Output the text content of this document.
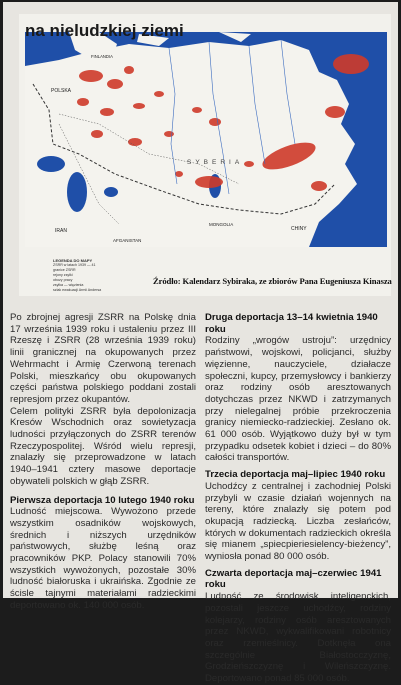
POLSKA
FINLANDIA
SYBERIA
IRAN
AFGANISTAN
MONGOLIA
CHINY
LEGENDA DO MAPY
ZSRR w latach 1939 — 41
granice ZSRR
rejony zsyłki
obozy pracy
zsyłka — więzienia
szlak ewakuacji Armii Andersa
Źródło: Kalendarz Sybiraka, ze zbiorów Pana Eugeniusza Kinasza
na nieludzkiej ziemi

Po zbrojnej agresji ZSRR na Polskę dnia 17 września 1939 roku i ustaleniu przez III Rzeszę i ZSRR (28 września 1939 roku) linii granicznej na okupowanych przez Wehrmacht i Armię Czerwoną terenach Polski, mieszkańcy obu okupowanych części państwa polskiego poddani zostali represjom przez okupantów.

Celem polityki ZSRR była depolonizacja Kresów Wschodnich oraz sowietyzacja ludności przyłączonych do ZSRR terenów Rzeczypospolitej. Wśród wielu represji, znalazły się przeprowadzone w latach 1940–1941 cztery masowe deportacje obywateli polskich w głąb ZSRR.

Pierwsza deportacja 10 lutego 1940 roku

Ludność miejscowa. Wywożono przede wszystkim osadników wojskowych, średnich i niższych urzędników państwowych, służbę leśną oraz pracowników PKP. Polacy stanowili 70% wszystkich wywożonych, pozostałe 30% ludność białoruska i ukraińska. Zgodnie ze ścisle tajnymi materiałami radzieckimi deportowano ok. 140 000 osób.

Druga deportacja 13–14 kwietnia 1940 roku

Rodziny „wrogów ustroju”: urzędnicy państwowi, wojskowi, policjanci, służby więzienne, nauczyciele, działacze społeczni, kupcy, przemysłowcy i bankierzy oraz rodziny osób aresztowanych dotychczas przez NKWD i zatrzymanych przy nielegalnej próbie przekroczenia granicy niemiecko-radzieckiej. Zesłano ok. 61 000 osób. Wyjątkowo duży był w tym przypadku odsetek kobiet i dzieci – do 80% całości transportów.

Trzecia deportacja maj–lipiec 1940 roku

Uchodźcy z centralnej i zachodniej Polski przybyli w czasie działań wojennych na tereny, które znalazły się potem pod okupacją radziecką. Liczba zesłańców, których w dokumentach radzieckich określa się mianem „spiecpieriesielency-bieżency”, wyniosła ponad 80 000 osób.

Czwarta deportacja maj–czerwiec 1941 roku

Ludność ze środowisk inteligenckich, pozostali jeszcze uchodźcy, rodziny kolejarzy, rodziny osób aresztowanych przez NKWD, wykwalifikowani robotnicy oraz rzemieślnicy. Dotknęła ona szczególnie Białostocczyznę, Grodzieńszczyznę i Wileńszczyznę. Deportowano ponad 85 000 osób.
